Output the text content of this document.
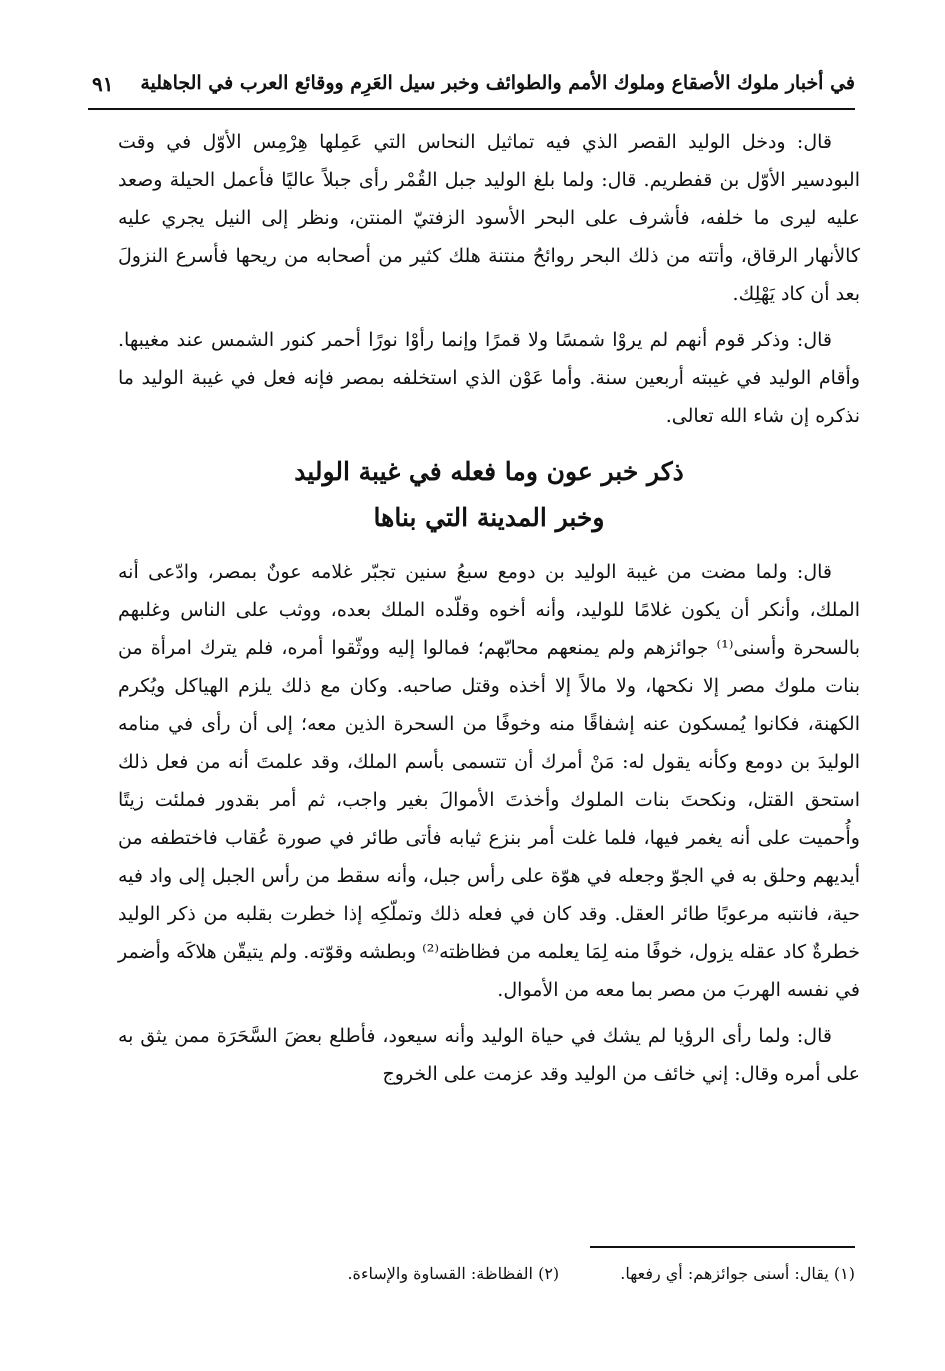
في أخبار ملوك الأصقاع وملوك الأمم والطوائف وخبر سيل العَرِم ووقائع العرب في الجاهلية
٩١

قال: ودخل الوليد القصر الذي فيه تماثيل النحاس التي عَمِلها هِرْمِس الأوّل في وقت البودسير الأوّل بن قفطريم. قال: ولما بلغ الوليد جبل القُمْر رأى جبلاً عاليًا فأعمل الحيلة وصعد عليه ليرى ما خلفه، فأشرف على البحر الأسود الزفتيّ المنتن، ونظر إلى النيل يجري عليه كالأنهار الرقاق، وأتته من ذلك البحر روائحُ منتنة هلك كثير من أصحابه من ريحها فأسرع النزولَ بعد أن كاد يَهْلِك.

قال: وذكر قوم أنهم لم يروْا شمسًا ولا قمرًا وإنما رأوْا نورًا أحمر كنور الشمس عند مغيبها. وأقام الوليد في غيبته أربعين سنة. وأما عَوْن الذي استخلفه بمصر فإنه فعل في غيبة الوليد ما نذكره إن شاء الله تعالى.

ذكر خبر عون وما فعله في غيبة الوليد
وخبر المدينة التي بناها

قال: ولما مضت من غيبة الوليد بن دومع سبعُ سنين تجبّر غلامه عونٌ بمصر، وادّعى أنه الملك، وأنكر أن يكون غلامًا للوليد، وأنه أخوه وقلّده الملك بعده، ووثب على الناس وغلبهم بالسحرة وأسنى⁽¹⁾ جوائزهم ولم يمنعهم محابّهم؛ فمالوا إليه ووثّقوا أمره، فلم يترك امرأة من بنات ملوك مصر إلا نكحها، ولا مالاً إلا أخذه وقتل صاحبه. وكان مع ذلك يلزم الهياكل ويُكرم الكهنة، فكانوا يُمسكون عنه إشفاقًا منه وخوفًا من السحرة الذين معه؛ إلى أن رأى في منامه الوليدَ بن دومع وكأنه يقول له: مَنْ أمرك أن تتسمى بأسم الملك، وقد علمتَ أنه من فعل ذلك استحق القتل، ونكحتَ بنات الملوك وأخذتَ الأموالَ بغير واجب، ثم أمر بقدور فملئت زيتًا وأُحميت على أنه يغمر فيها، فلما غلت أمر بنزع ثيابه فأتى طائر في صورة عُقاب فاختطفه من أيديهم وحلق به في الجوّ وجعله في هوّة على رأس جبل، وأنه سقط من رأس الجبل إلى واد فيه حية، فانتبه مرعوبًا طائر العقل. وقد كان في فعله ذلك وتملّكِه إذا خطرت بقلبه من ذكر الوليد خطرةٌ كاد عقله يزول، خوفًا منه لِمَا يعلمه من فظاظته⁽²⁾ وبطشه وقوّته. ولم يتيقّن هلاكَه وأضمر في نفسه الهربَ من مصر بما معه من الأموال.

قال: ولما رأى الرؤيا لم يشك في حياة الوليد وأنه سيعود، فأطلع بعضَ السَّحَرَة ممن يثق به على أمره وقال: إني خائف من الوليد وقد عزمت على الخروج

(١) يقال: أسنى جوائزهم: أي رفعها. (٢) الفظاظة: القساوة والإساءة.
